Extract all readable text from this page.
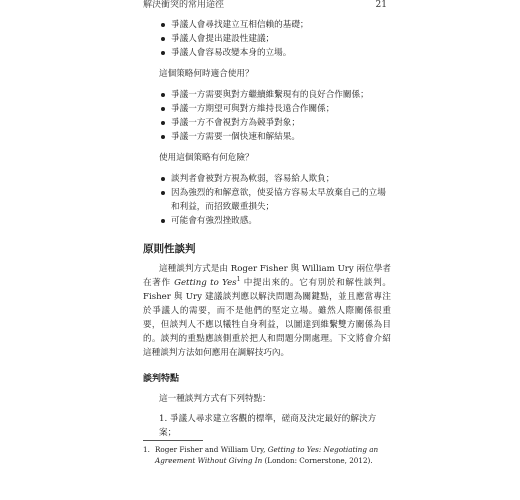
解決衝突的常用途徑	21
爭議人會尋找建立互相信賴的基礎；
爭議人會提出建設性建議；
爭議人會容易改變本身的立場。

這個策略何時適合使用？

爭議一方需要與對方繼續維繫現有的良好合作關係；
爭議一方期望可與對方維持長遠合作關係；
爭議一方不會視對方為競爭對象；
爭議一方需要一個快速和解結果。

使用這個策略有何危險？

談判者會被對方視為軟弱，容易給人欺負；
因為強烈的和解意欲，使妥協方容易太早放棄自己的立場和利益，而招致嚴重損失；
可能會有強烈挫敗感。
原則性談判

這種談判方式是由 Roger Fisher 與 William Ury 兩位學者在著作 Getting to Yes$^1$ 中提出來的。它有別於和解性談判。Fisher 與 Ury 建議談判應以解決問題為關鍵點，並且應當專注於爭議人的需要，而不是他們的堅定立場。雖然人際關係很重要，但談判人不應以犧牲自身利益，以圖達到維繫雙方關係為目的。談判的重點應該側重於把人和問題分開處理。下文將會介紹這種談判方法如何應用在調解技巧內。

談判特點

這一種談判方式有下列特點：

1. 爭議人尋求建立客觀的標準，磋商及決定最好的解決方案；

1. Roger Fisher and William Ury, Getting to Yes: Negotiating an Agreement Without Giving In (London: Cornerstone, 2012).
